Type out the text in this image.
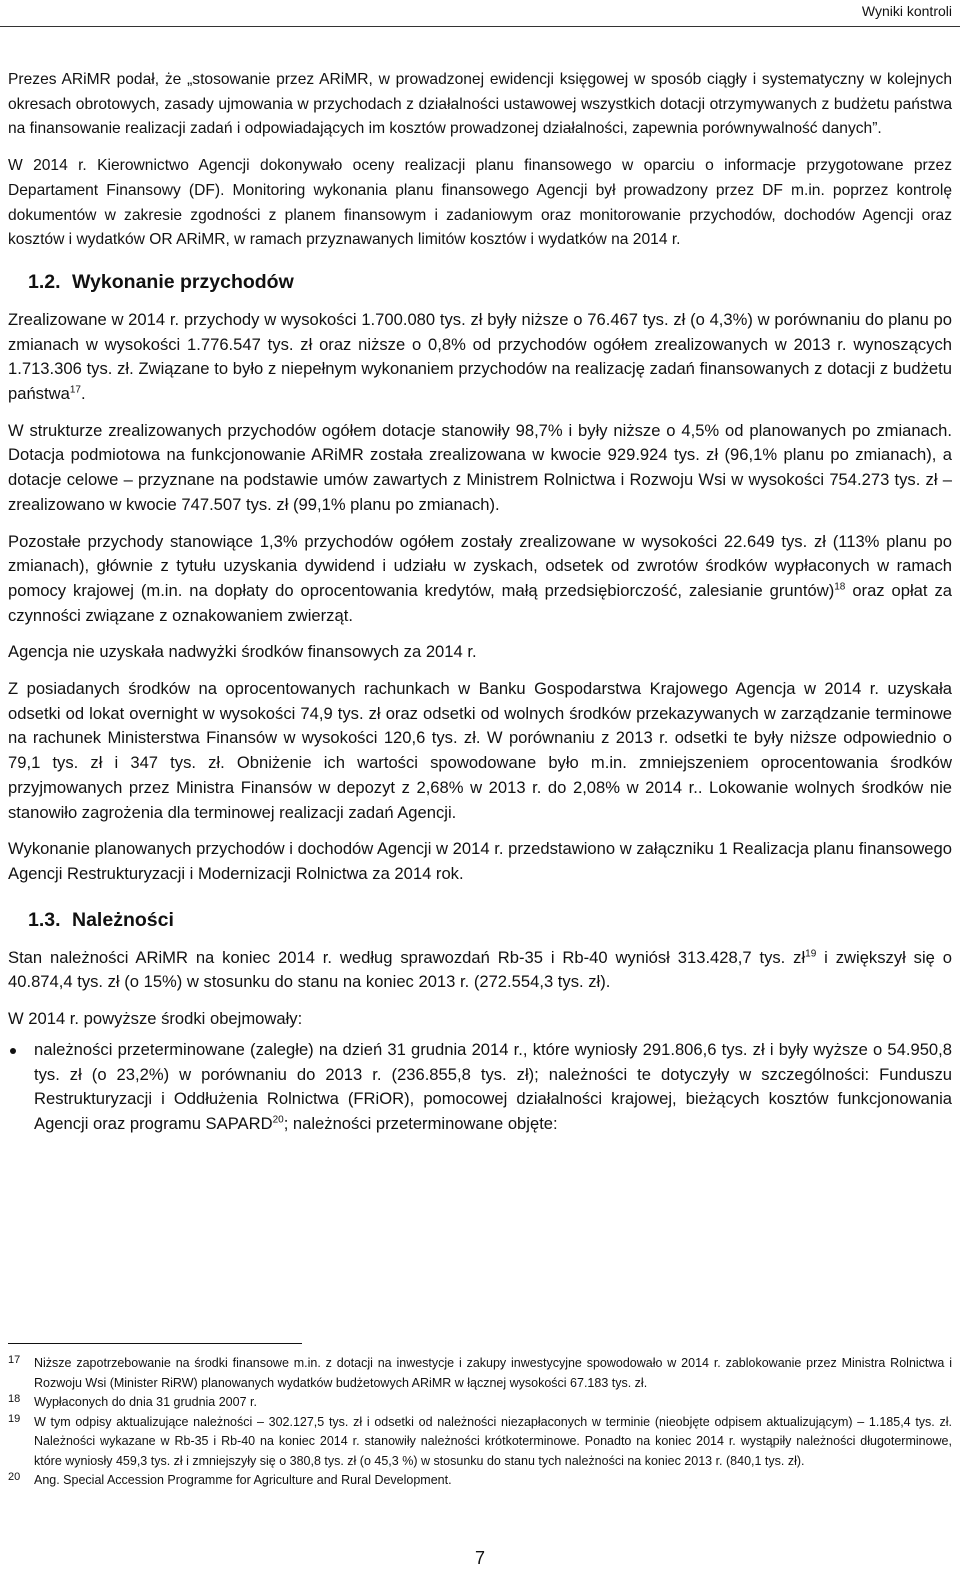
Wyniki kontroli

Prezes ARiMR podał, że „stosowanie przez ARiMR, w prowadzonej ewidencji księgowej w sposób ciągły i systematyczny w kolejnych okresach obrotowych, zasady ujmowania w przychodach z działalności ustawowej wszystkich dotacji otrzymywanych z budżetu państwa na finansowanie realizacji zadań i odpowiadających im kosztów prowadzonej działalności, zapewnia porównywalność danych”.

W 2014 r. Kierownictwo Agencji dokonywało oceny realizacji planu finansowego w oparciu o informacje przygotowane przez Departament Finansowy (DF). Monitoring wykonania planu finansowego Agencji był prowadzony przez DF m.in. poprzez kontrolę dokumentów w zakresie zgodności z planem finansowym i zadaniowym oraz monitorowanie przychodów, dochodów Agencji oraz kosztów i wydatków OR ARiMR, w ramach przyznawanych limitów kosztów i wydatków na 2014 r.

1.2. Wykonanie przychodów

Zrealizowane w 2014 r. przychody w wysokości 1.700.080 tys. zł były niższe o 76.467 tys. zł (o 4,3%) w porównaniu do planu po zmianach w wysokości 1.776.547 tys. zł oraz niższe o 0,8% od przychodów ogółem zrealizowanych w 2013 r. wynoszących 1.713.306 tys. zł. Związane to było z niepełnym wykonaniem przychodów na realizację zadań finansowanych z dotacji z budżetu państwa$^{17}$.

W strukturze zrealizowanych przychodów ogółem dotacje stanowiły 98,7% i były niższe o 4,5% od planowanych po zmianach. Dotacja podmiotowa na funkcjonowanie ARiMR została zrealizowana w kwocie 929.924 tys. zł (96,1% planu po zmianach), a dotacje celowe – przyznane na podstawie umów zawartych z Ministrem Rolnictwa i Rozwoju Wsi w wysokości 754.273 tys. zł – zrealizowano w kwocie 747.507 tys. zł (99,1% planu po zmianach).

Pozostałe przychody stanowiące 1,3% przychodów ogółem zostały zrealizowane w wysokości 22.649 tys. zł (113% planu po zmianach), głównie z tytułu uzyskania dywidend i udziału w zyskach, odsetek od zwrotów środków wypłaconych w ramach pomocy krajowej (m.in. na dopłaty do oprocentowania kredytów, małą przedsiębiorczość, zalesianie gruntów)$^{18}$ oraz opłat za czynności związane z oznakowaniem zwierząt.

Agencja nie uzyskała nadwyżki środków finansowych za 2014 r.

Z posiadanych środków na oprocentowanych rachunkach w Banku Gospodarstwa Krajowego Agencja w 2014 r. uzyskała odsetki od lokat overnight w wysokości 74,9 tys. zł oraz odsetki od wolnych środków przekazywanych w zarządzanie terminowe na rachunek Ministerstwa Finansów w wysokości 120,6 tys. zł. W porównaniu z 2013 r. odsetki te były niższe odpowiednio o 79,1 tys. zł i 347 tys. zł. Obniżenie ich wartości spowodowane było m.in. zmniejszeniem oprocentowania środków przyjmowanych przez Ministra Finansów w depozyt z 2,68% w 2013 r. do 2,08% w 2014 r.. Lokowanie wolnych środków nie stanowiło zagrożenia dla terminowej realizacji zadań Agencji.

Wykonanie planowanych przychodów i dochodów Agencji w 2014 r. przedstawiono w załączniku 1 Realizacja planu finansowego Agencji Restrukturyzacji i Modernizacji Rolnictwa za 2014 rok.

1.3. Należności

Stan należności ARiMR na koniec 2014 r. według sprawozdań Rb-35 i Rb-40 wyniósł 313.428,7 tys. $zł^{19}$ i zwiększył się o 40.874,4 tys. zł (o 15%) w stosunku do stanu na koniec 2013 r. (272.554,3 tys. zł).

W 2014 r. powyższe środki obejmowały:

należności przeterminowane (zaległe) na dzień 31 grudnia 2014 r., które wyniosły 291.806,6 tys. zł i były wyższe o 54.950,8 tys. zł (o 23,2%) w porównaniu do 2013 r. (236.855,8 tys. zł); należności te dotyczyły w szczególności: Funduszu Restrukturyzacji i Oddłużenia Rolnictwa (FRiOR), pomocowej działalności krajowej, bieżących kosztów funkcjonowania Agencji oraz programu SAPARD$^{20}$; należności przeterminowane objęte:
17	Niższe zapotrzebowanie na środki finansowe m.in. z dotacji na inwestycje i zakupy inwestycyjne spowodowało w 2014 r. zablokowanie przez Ministra Rolnictwa i Rozwoju Wsi (Minister RiRW) planowanych wydatków budżetowych ARiMR w łącznej wysokości 67.183 tys. zł.
18	Wypłaconych do dnia 31 grudnia 2007 r.
19	W tym odpisy aktualizujące należności – 302.127,5 tys. zł i odsetki od należności niezapłaconych w terminie (nieobjęte odpisem aktualizującym) – 1.185,4 tys. zł. Należności wykazane w Rb-35 i Rb-40 na koniec 2014 r. stanowiły należności krótkoterminowe. Ponadto na koniec 2014 r. wystąpiły należności długoterminowe, które wyniosły 459,3 tys. zł i zmniejszyły się o 380,8 tys. zł (o 45,3 %) w stosunku do stanu tych należności na koniec 2013 r. (840,1 tys. zł).
20	Ang. Special Accession Programme for Agriculture and Rural Development.
7
